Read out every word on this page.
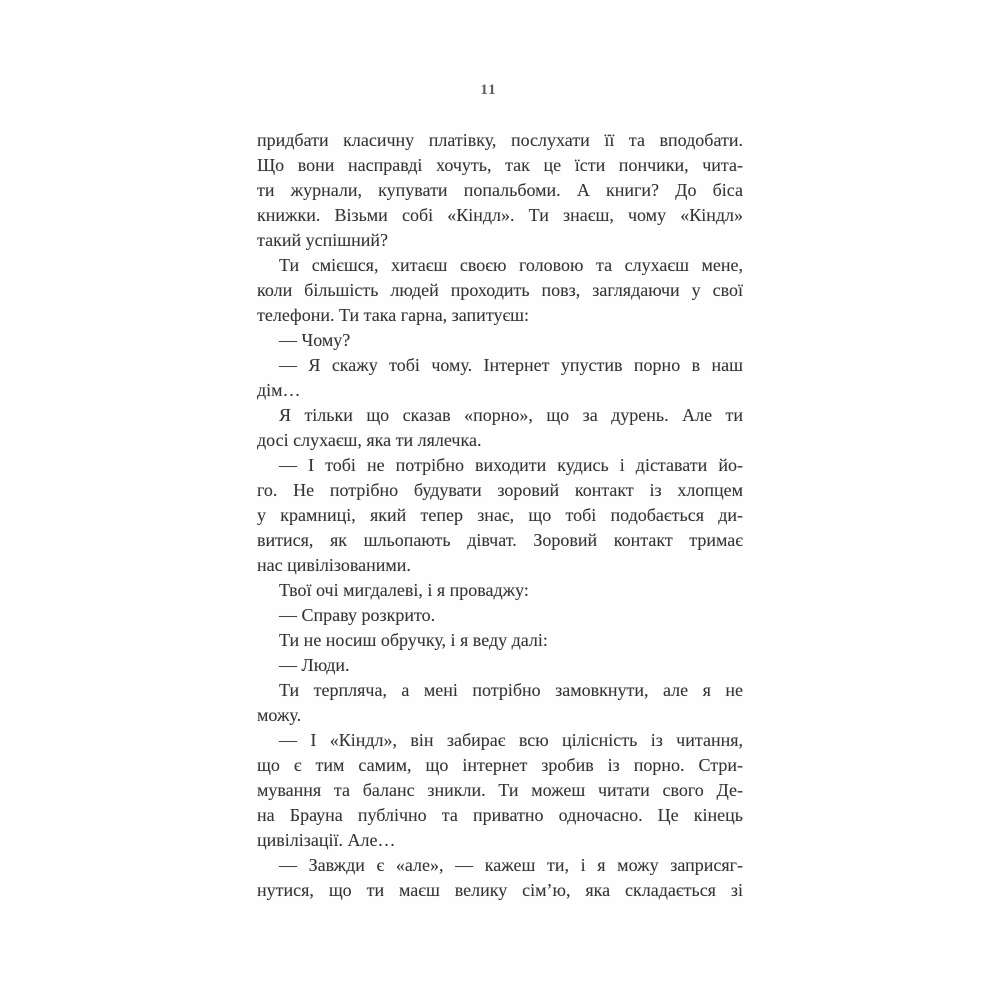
11
придбати класичну платівку, послухати її та вподобати.
Що вони насправді хочуть, так це їсти пончики, чита-
ти журнали, купувати попальбоми. А книги? До біса
книжки. Візьми собі «Кіндл». Ти знаєш, чому «Кіндл»
такий успішний?
Ти смієшся, хитаєш своєю головою та слухаєш мене,
коли більшість людей проходить повз, заглядаючи у свої
телефони. Ти така гарна, запитуєш:
— Чому?
— Я скажу тобі чому. Інтернет упустив порно в наш
дім…
Я тільки що сказав «порно», що за дурень. Але ти
досі слухаєш, яка ти лялечка.
— І тобі не потрібно виходити кудись і діставати йо-
го. Не потрібно будувати зоровий контакт із хлопцем
у крамниці, який тепер знає, що тобі подобається ди-
витися, як шльопають дівчат. Зоровий контакт тримає
нас цивілізованими.
Твої очі мигдалеві, і я проваджу:
— Справу розкрито.
Ти не носиш обручку, і я веду далі:
— Люди.
Ти терпляча, а мені потрібно замовкнути, але я не
можу.
— І «Кіндл», він забирає всю цілісність із читання,
що є тим самим, що інтернет зробив із порно. Стри-
мування та баланс зникли. Ти можеш читати свого Де-
на Брауна публічно та приватно одночасно. Це кінець
цивілізації. Але…
— Завжди є «але», — кажеш ти, і я можу заприсяг-
нутися, що ти маєш велику сім’ю, яка складається зі
